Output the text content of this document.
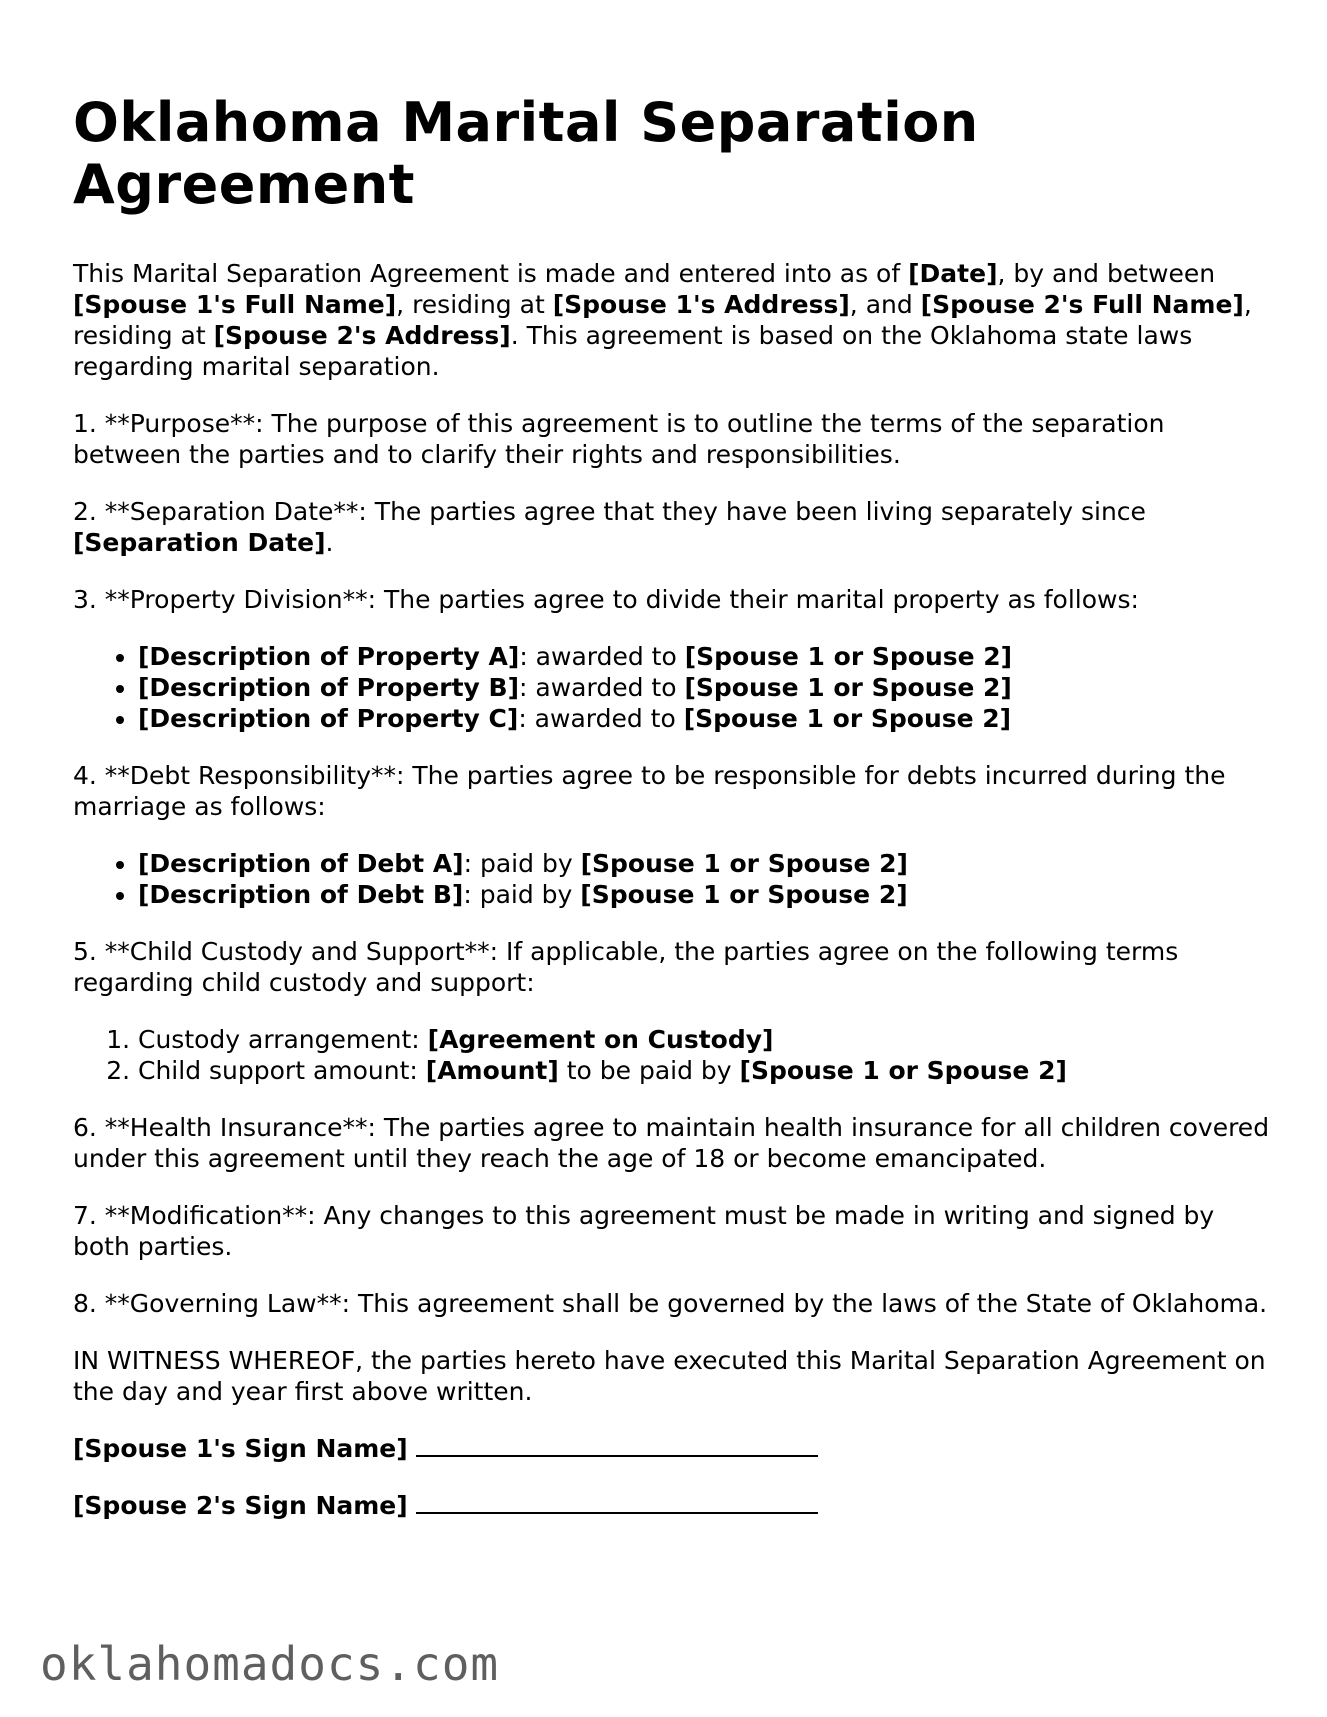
Oklahoma Marital Separation Agreement

This Marital Separation Agreement is made and entered into as of [Date], by and between [Spouse 1's Full Name], residing at [Spouse 1's Address], and [Spouse 2's Full Name], residing at [Spouse 2's Address]. This agreement is based on the Oklahoma state laws regarding marital separation.

1. **Purpose**: The purpose of this agreement is to outline the terms of the separation between the parties and to clarify their rights and responsibilities.

2. **Separation Date**: The parties agree that they have been living separately since [Separation Date].

3. **Property Division**: The parties agree to divide their marital property as follows:

• [Description of Property A]: awarded to [Spouse 1 or Spouse 2]
• [Description of Property B]: awarded to [Spouse 1 or Spouse 2]
• [Description of Property C]: awarded to [Spouse 1 or Spouse 2]

4. **Debt Responsibility**: The parties agree to be responsible for debts incurred during the marriage as follows:

• [Description of Debt A]: paid by [Spouse 1 or Spouse 2]
• [Description of Debt B]: paid by [Spouse 1 or Spouse 2]

5. **Child Custody and Support**: If applicable, the parties agree on the following terms regarding child custody and support:

1. Custody arrangement: [Agreement on Custody]
2. Child support amount: [Amount] to be paid by [Spouse 1 or Spouse 2]

6. **Health Insurance**: The parties agree to maintain health insurance for all children covered under this agreement until they reach the age of 18 or become emancipated.

7. **Modification**: Any changes to this agreement must be made in writing and signed by both parties.

8. **Governing Law**: This agreement shall be governed by the laws of the State of Oklahoma.

IN WITNESS WHEREOF, the parties hereto have executed this Marital Separation Agreement on the day and year first above written.

[Spouse 1's Sign Name]
[Spouse 2's Sign Name]
oklahomadocs.com
